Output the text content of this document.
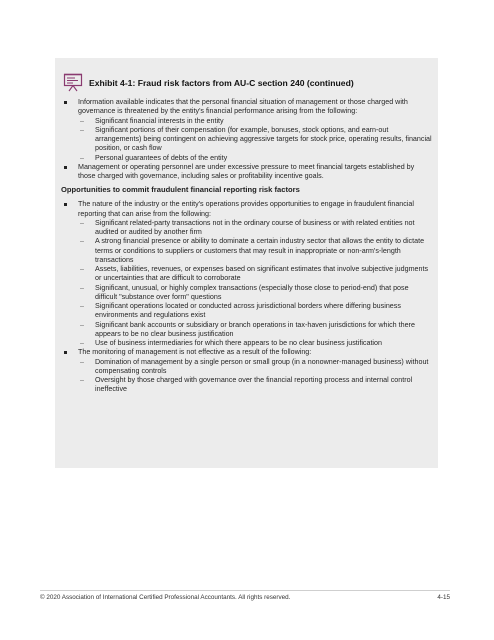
Exhibit 4-1: Fraud risk factors from AU-C section 240 (continued)
Information available indicates that the personal financial situation of management or those charged with governance is threatened by the entity's financial performance arising from the following:
– Significant financial interests in the entity
– Significant portions of their compensation (for example, bonuses, stock options, and earn-out arrangements) being contingent on achieving aggressive targets for stock price, operating results, financial position, or cash flow
– Personal guarantees of debts of the entity
Management or operating personnel are under excessive pressure to meet financial targets established by those charged with governance, including sales or profitability incentive goals.
Opportunities to commit fraudulent financial reporting risk factors
The nature of the industry or the entity's operations provides opportunities to engage in fraudulent financial reporting that can arise from the following:
– Significant related-party transactions not in the ordinary course of business or with related entities not audited or audited by another firm
– A strong financial presence or ability to dominate a certain industry sector that allows the entity to dictate terms or conditions to suppliers or customers that may result in inappropriate or non-arm's-length transactions
– Assets, liabilities, revenues, or expenses based on significant estimates that involve subjective judgments or uncertainties that are difficult to corroborate
– Significant, unusual, or highly complex transactions (especially those close to period-end) that pose difficult "substance over form" questions
– Significant operations located or conducted across jurisdictional borders where differing business environments and regulations exist
– Significant bank accounts or subsidiary or branch operations in tax-haven jurisdictions for which there appears to be no clear business justification
– Use of business intermediaries for which there appears to be no clear business justification
The monitoring of management is not effective as a result of the following:
– Domination of management by a single person or small group (in a nonowner-managed business) without compensating controls
– Oversight by those charged with governance over the financial reporting process and internal control ineffective
© 2020 Association of International Certified Professional Accountants. All rights reserved.	4-15
